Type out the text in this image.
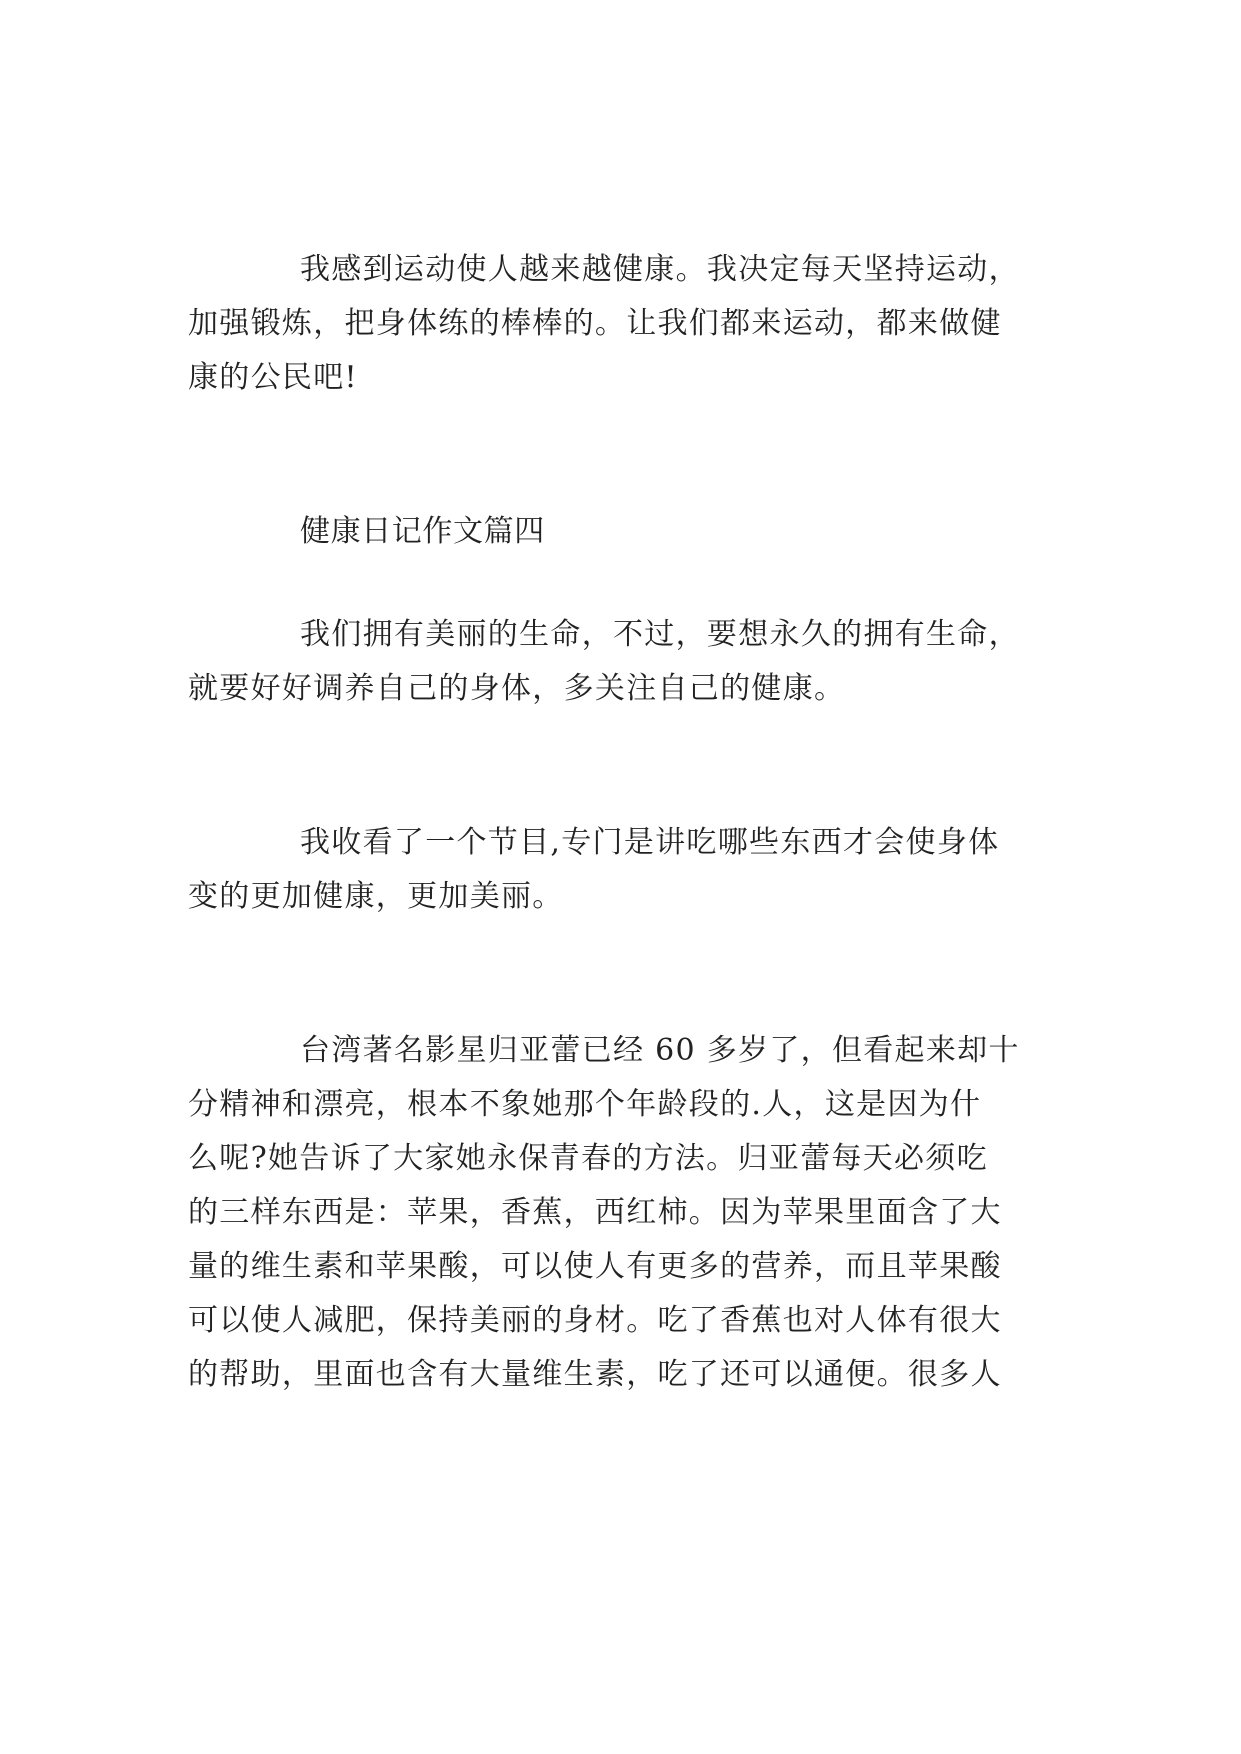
我感到运动使人越来越健康。我决定每天坚持运动，
加强锻炼，把身体练的棒棒的。让我们都来运动，都来做健
康的公民吧!
健康日记作文篇四
我们拥有美丽的生命，不过，要想永久的拥有生命，
就要好好调养自己的身体，多关注自己的健康。
我收看了一个节目,专门是讲吃哪些东西才会使身体
变的更加健康，更加美丽。
台湾著名影星归亚蕾已经 60 多岁了，但看起来却十
分精神和漂亮，根本不象她那个年龄段的.人，这是因为什
么呢?她告诉了大家她永保青春的方法。归亚蕾每天必须吃
的三样东西是：苹果，香蕉，西红柿。因为苹果里面含了大
量的维生素和苹果酸，可以使人有更多的营养，而且苹果酸
可以使人减肥，保持美丽的身材。吃了香蕉也对人体有很大
的帮助，里面也含有大量维生素，吃了还可以通便。很多人
